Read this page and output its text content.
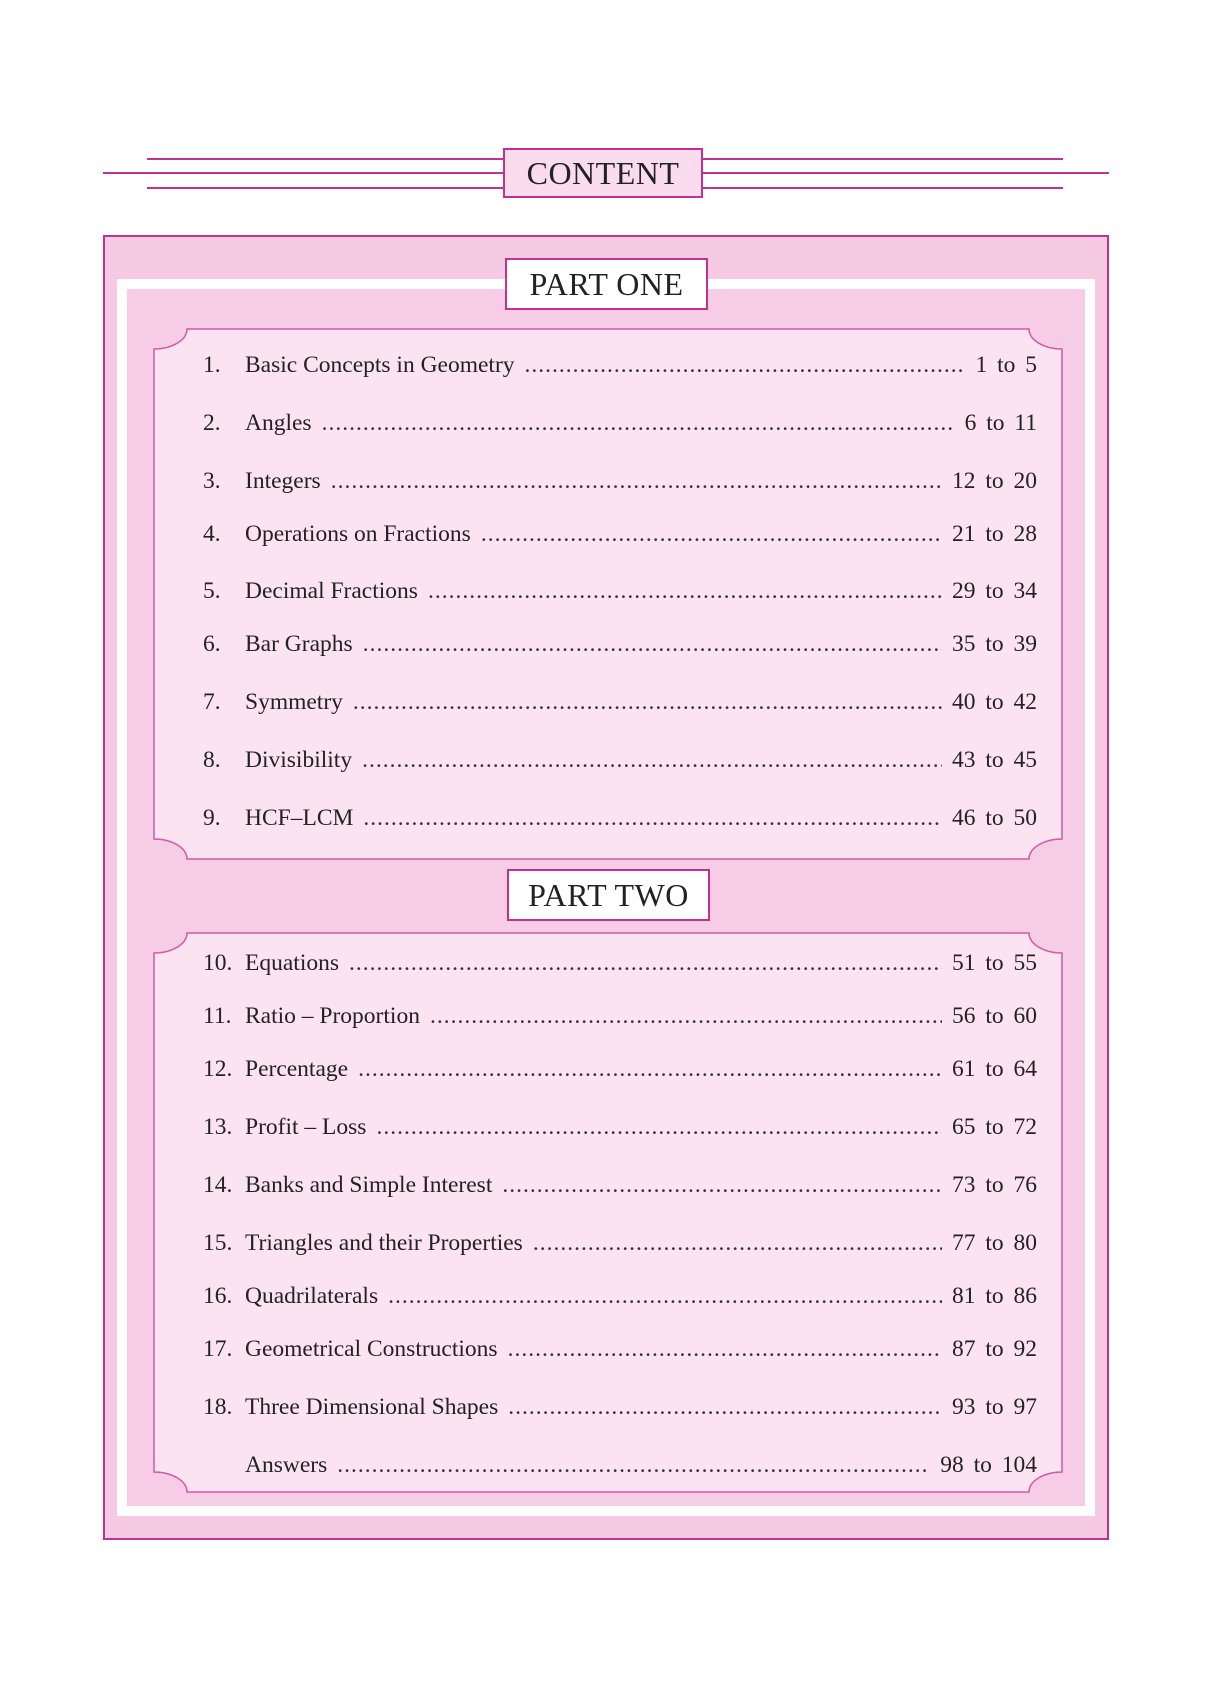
CONTENT
PART ONE
PART TWO
1.	Basic Concepts in Geometry .....	1 to 5
2.	Angles .....	6 to 11
3.	Integers .....	12 to 20
4.	Operations on Fractions .....	21 to 28
5.	Decimal Fractions .....	29 to 34
6.	Bar Graphs .....	35 to 39
7.	Symmetry .....	40 to 42
8.	Divisibility .....	43 to 45
9.	HCF–LCM .....	46 to 50
10. Equations .....	51 to 55
11. Ratio – Proportion .....	56 to 60
12. Percentage .....	61 to 64
13. Profit – Loss .....	65 to 72
14. Banks and Simple Interest .....	73 to 76
15. Triangles and their Properties .....	77 to 80
16. Quadrilaterals .....	81 to 86
17. Geometrical Constructions .....	87 to 92
18. Three Dimensional Shapes .....	93 to 97
Answers .....	98 to 104
